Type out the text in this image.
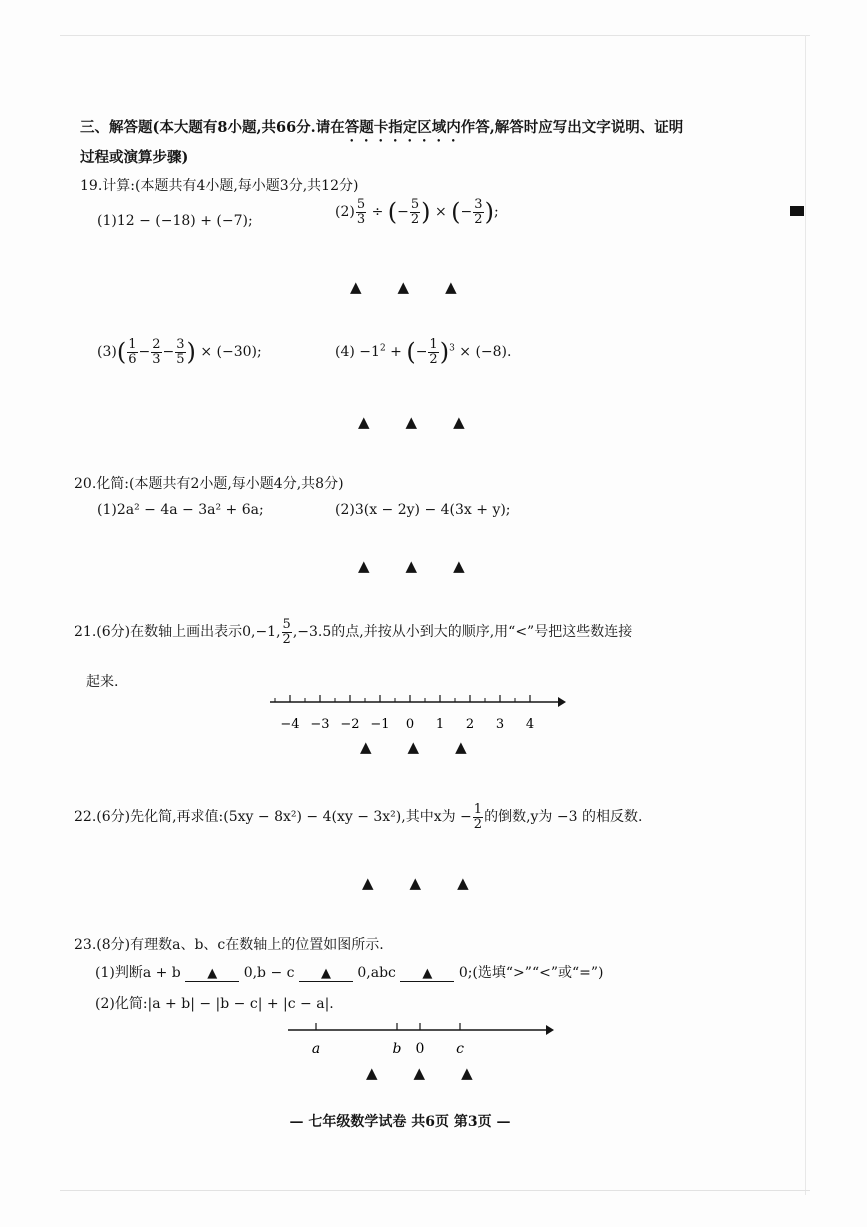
三、解答题(本大题有8小题,共66分.请在答题卡指定区域内作答,解答时应写出文字说明、证明
过程或演算步骤)
19.计算:(本题共有4小题,每小题3分,共12分)
(1)12 − (−18) + (−7);
$(2) \frac{5}{3}$ ÷ (− $\frac{5}{2}$ ) × (− $\frac{3}{2}$ );
▲ ▲ ▲
$(3)( \frac{1}{6} - \frac{2}{3} - \frac{3}{5}$ ) × (−30);	$(4) -1^2$ + (− $\frac{1}{2} )^3 \times (-8)$.
▲ ▲ ▲
20.化简:(本题共有2小题,每小题4分,共8分)
(1)2a² − 4a − 3a² + 6a;	(2)3(x − 2y) − 4(3x + y);
▲ ▲ ▲
21.(6分)在数轴上画出表示0,−1, $\frac{5}{2} ,-3.5$的点,并按从小到大的顺序,用“<”号把这些数连接
起来.
−4 −3 −2 −1 0 1 2 3 4
▲ ▲ ▲
22.(6分)先化简,再求值:(5xy − 8x²) − 4(xy − 3x²),其中x为 − $\frac{1}{2}$ 的倒数,y为 −3 的相反数.
▲ ▲ ▲
23.(8分)有理数a、b、c在数轴上的位置如图所示.
(1)判断a + b ▲ 0,b − c ▲ 0,abc ▲ 0;(选填“>”“<”或“=”)
(2)化简:|a + b| − |b − c| + |c − a|.
a	b 0 c
▲ ▲ ▲
— 七年级数学试卷 共6页 第3页 —
